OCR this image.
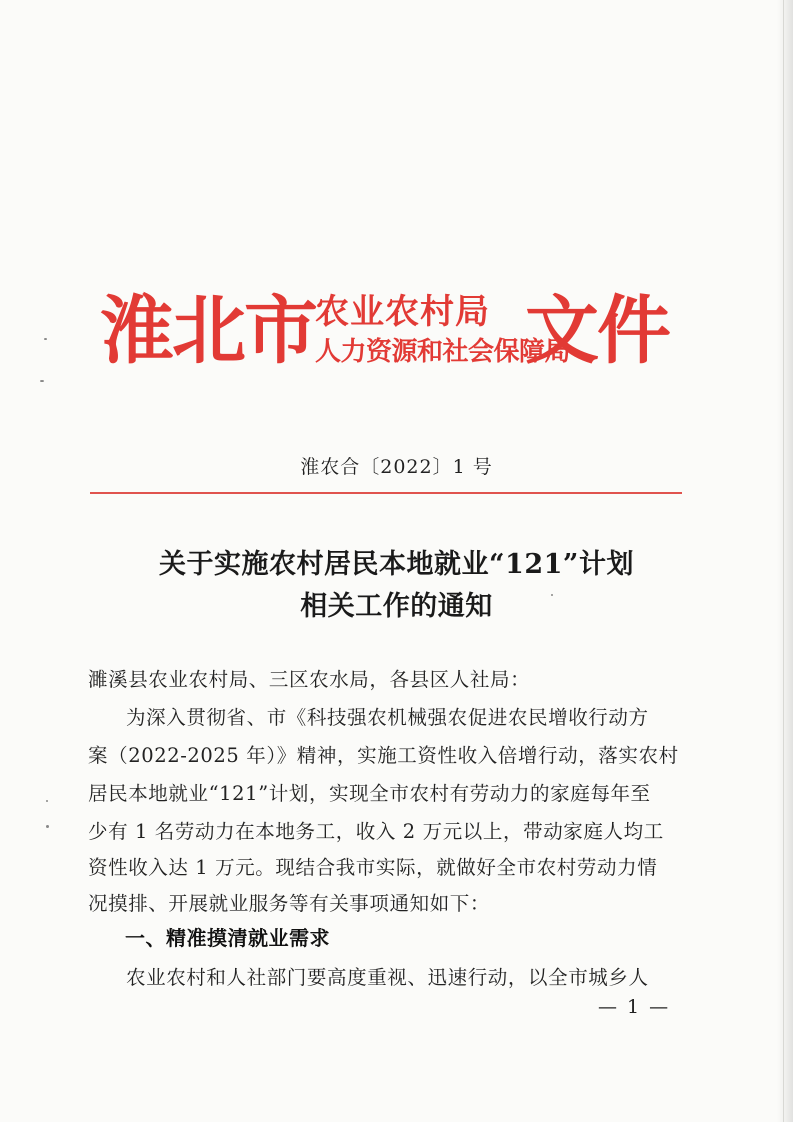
淮北市 农业农村局
人力资源和社会保障局
文件
淮农合〔2022〕1 号
关于实施农村居民本地就业“121”计划
相关工作的通知
濉溪县农业农村局、三区农水局，各县区人社局：
为深入贯彻省、市《科技强农机械强农促进农民增收行动方
案（2022-2025 年）》精神，实施工资性收入倍增行动，落实农村
居民本地就业“121”计划，实现全市农村有劳动力的家庭每年至
少有 1 名劳动力在本地务工，收入 2 万元以上，带动家庭人均工
资性收入达 1 万元。现结合我市实际，就做好全市农村劳动力情
况摸排、开展就业服务等有关事项通知如下：
一、精准摸清就业需求
农业农村和人社部门要高度重视、迅速行动，以全市城乡人
— 1 —
